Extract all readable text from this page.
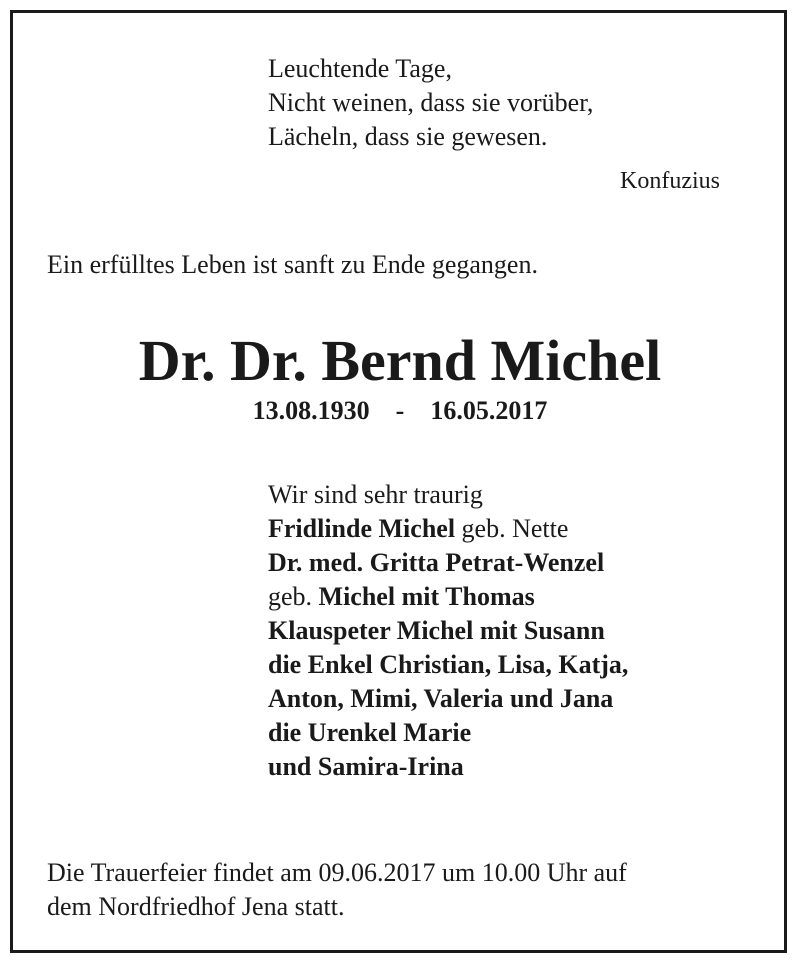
Leuchtende Tage,
Nicht weinen, dass sie vorüber,
Lächeln, dass sie gewesen.
Konfuzius
Ein erfülltes Leben ist sanft zu Ende gegangen.
Dr. Dr. Bernd Michel
13.08.1930 - 16.05.2017
Wir sind sehr traurig
Fridlinde Michel geb. Nette
Dr. med. Gritta Petrat-Wenzel
geb. Michel mit Thomas
Klauspeter Michel mit Susann
die Enkel Christian, Lisa, Katja,
Anton, Mimi, Valeria und Jana
die Urenkel Marie
und Samira-Irina
Die Trauerfeier findet am 09.06.2017 um 10.00 Uhr auf
dem Nordfriedhof Jena statt.
